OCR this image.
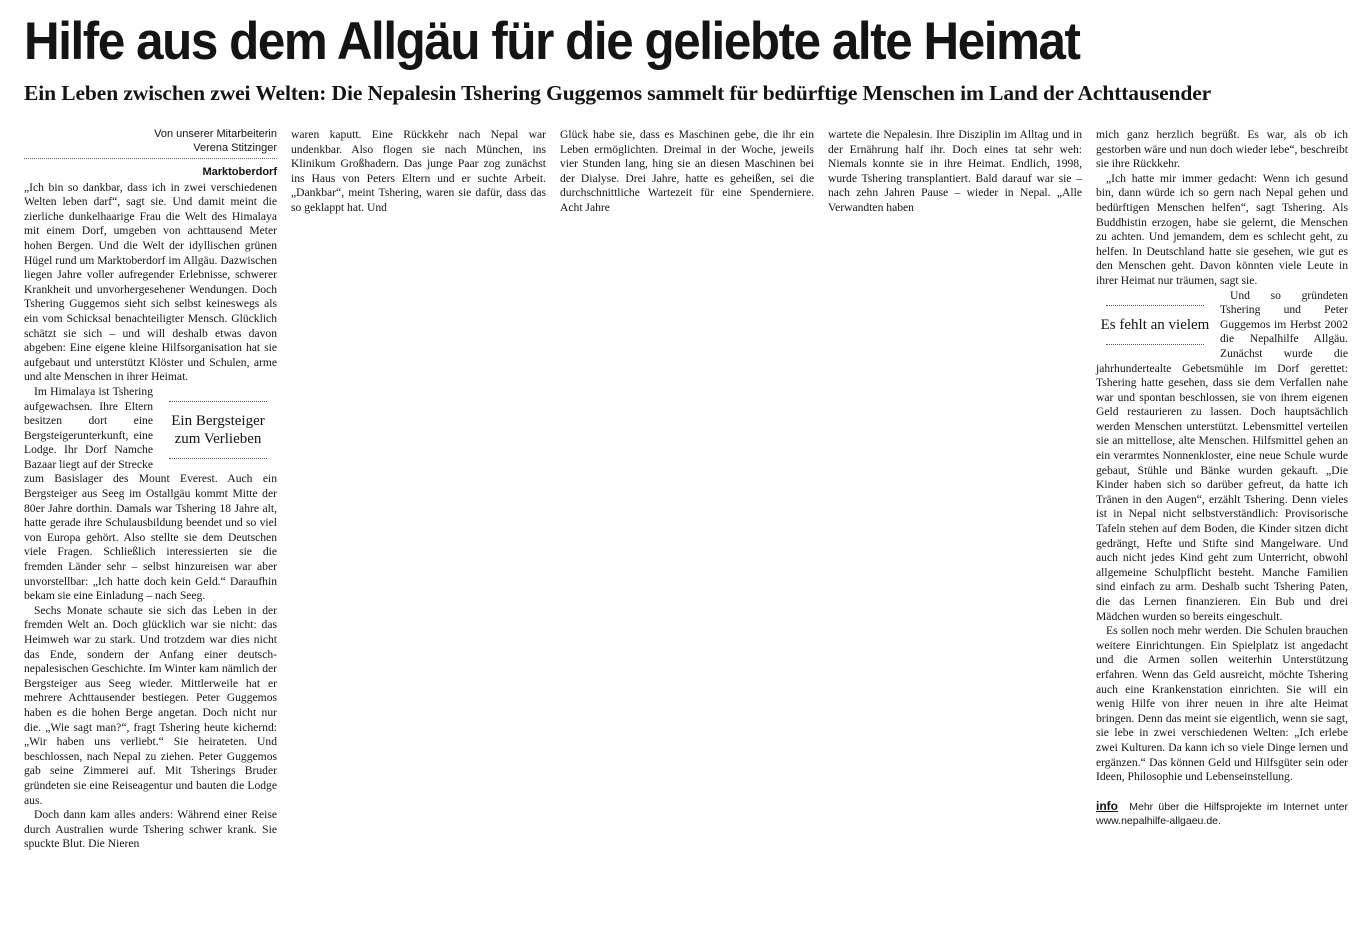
Hilfe aus dem Allgäu für die geliebte alte Heimat
Ein Leben zwischen zwei Welten: Die Nepalesin Tshering Guggemos sammelt für bedürftige Menschen im Land der Achttausender
Von unserer Mitarbeiterin
Verena Stitzinger
Marktoberdorf

„Ich bin so dankbar, dass ich in zwei verschiedenen Welten leben darf“, sagt sie. Und damit meint die zierliche dunkelhaarige Frau die Welt des Himalaya mit einem Dorf, umgeben von achttausend Meter hohen Bergen. Und die Welt der idyllischen grünen Hügel rund um Marktoberdorf im Allgäu. Dazwischen liegen Jahre voller aufregender Erlebnisse, schwerer Krankheit und unvorhergesehener Wendungen. Doch Tshering Guggemos sieht sich selbst keineswegs als ein vom Schicksal benachteiligter Mensch. Glücklich schätzt sie sich – und will deshalb etwas davon abgeben: Eine eigene kleine Hilfsorganisation hat sie aufgebaut und unterstützt Klöster und Schulen, arme und alte Menschen in ihrer Heimat.

Ein Bergsteiger zum Verlieben

Im Himalaya ist Tshering aufgewachsen. Ihre Eltern besitzen dort eine Bergsteigerunterkunft, eine Lodge. Ihr Dorf Namche Bazaar liegt auf der Strecke zum Basislager des Mount Everest. Auch ein Bergsteiger aus Seeg im Ostallgäu kommt Mitte der 80er Jahre dorthin. Damals war Tshering 18 Jahre alt, hatte gerade ihre Schulausbildung beendet und so viel von Europa gehört. Also stellte sie dem Deutschen viele Fragen. Schließlich interessierten sie die fremden Länder sehr – selbst hinzureisen war aber unvorstellbar: „Ich hatte doch kein Geld.“ Daraufhin bekam sie eine Einladung – nach Seeg.

Sechs Monate schaute sie sich das Leben in der fremden Welt an. Doch glücklich war sie nicht: das Heimweh war zu stark. Und trotzdem war dies nicht das Ende, sondern der Anfang einer deutsch-nepalesischen Geschichte. Im Winter kam nämlich der Bergsteiger aus Seeg wieder. Mittlerweile hat er mehrere Achttausender bestiegen. Peter Guggemos haben es die hohen Berge angetan. Doch nicht nur die. „Wie sagt man?“, fragt Tshering heute kichernd: „Wir haben uns verliebt.“ Sie heirateten. Und beschlossen, nach Nepal zu ziehen. Peter Guggemos gab seine Zimmerei auf. Mit Tsherings Bruder gründeten sie eine Reiseagentur und bauten die Lodge aus.

Doch dann kam alles anders: Während einer Reise durch Australien wurde Tshering schwer krank. Sie spuckte Blut. Die Nieren

waren kaputt. Eine Rückkehr nach Nepal war undenkbar. Also flogen sie nach München, ins Klinikum Großhadern. Das junge Paar zog zunächst ins Haus von Peters Eltern und er suchte Arbeit. „Dankbar“, meint Tshering, waren sie dafür, dass das so geklappt hat. Und

Glück habe sie, dass es Maschinen gebe, die ihr ein Leben ermöglichten. Dreimal in der Woche, jeweils vier Stunden lang, hing sie an diesen Maschinen bei der Dialyse. Drei Jahre, hatte es geheißen, sei die durchschnittliche Wartezeit für eine Spenderniere. Acht Jahre

wartete die Nepalesin. Ihre Disziplin im Alltag und in der Ernährung half ihr. Doch eines tat sehr weh: Niemals konnte sie in ihre Heimat. Endlich, 1998, wurde Tshering transplantiert. Bald darauf war sie – nach zehn Jahren Pause – wieder in Nepal. „Alle Verwandten haben

mich ganz herzlich begrüßt. Es war, als ob ich gestorben wäre und nun doch wieder lebe“, beschreibt sie ihre Rückkehr.

„Ich hatte mir immer gedacht: Wenn ich gesund bin, dann würde ich so gern nach Nepal gehen und bedürftigen Menschen helfen“, sagt Tshering. Als Buddhistin erzogen, habe sie gelernt, die Menschen zu achten. Und jemandem, dem es schlecht geht, zu helfen. In Deutschland hatte sie gesehen, wie gut es den Menschen geht. Davon könnten viele Leute in ihrer Heimat nur träumen, sagt sie.

Es fehlt an vielem

Und so gründeten Tshering und Peter Guggemos im Herbst 2002 die Nepalhilfe Allgäu. Zunächst wurde die jahrhundertealte Gebetsmühle im Dorf gerettet: Tshering hatte gesehen, dass sie dem Verfallen nahe war und spontan beschlossen, sie von ihrem eigenen Geld restaurieren zu lassen. Doch hauptsächlich werden Menschen unterstützt. Lebensmittel verteilen sie an mittellose, alte Menschen. Hilfsmittel gehen an ein verarmtes Nonnenkloster, eine neue Schule wurde gebaut, Stühle und Bänke wurden gekauft. „Die Kinder haben sich so darüber gefreut, da hatte ich Tränen in den Augen“, erzählt Tshering. Denn vieles ist in Nepal nicht selbstverständlich: Provisorische Tafeln stehen auf dem Boden, die Kinder sitzen dicht gedrängt, Hefte und Stifte sind Mangelware. Und auch nicht jedes Kind geht zum Unterricht, obwohl allgemeine Schulpflicht besteht. Manche Familien sind einfach zu arm. Deshalb sucht Tshering Paten, die das Lernen finanzieren. Ein Bub und drei Mädchen wurden so bereits eingeschult.

Es sollen noch mehr werden. Die Schulen brauchen weitere Einrichtungen. Ein Spielplatz ist angedacht und die Armen sollen weiterhin Unterstützung erfahren. Wenn das Geld ausreicht, möchte Tshering auch eine Krankenstation einrichten. Sie will ein wenig Hilfe von ihrer neuen in ihre alte Heimat bringen. Denn das meint sie eigentlich, wenn sie sagt, sie lebe in zwei verschiedenen Welten: „Ich erlebe zwei Kulturen. Da kann ich so viele Dinge lernen und ergänzen.“ Das können Geld und Hilfsgüter sein oder Ideen, Philosophie und Lebenseinstellung.

info Mehr über die Hilfsprojekte im Internet unter www.nepalhilfe-allgaeu.de.
